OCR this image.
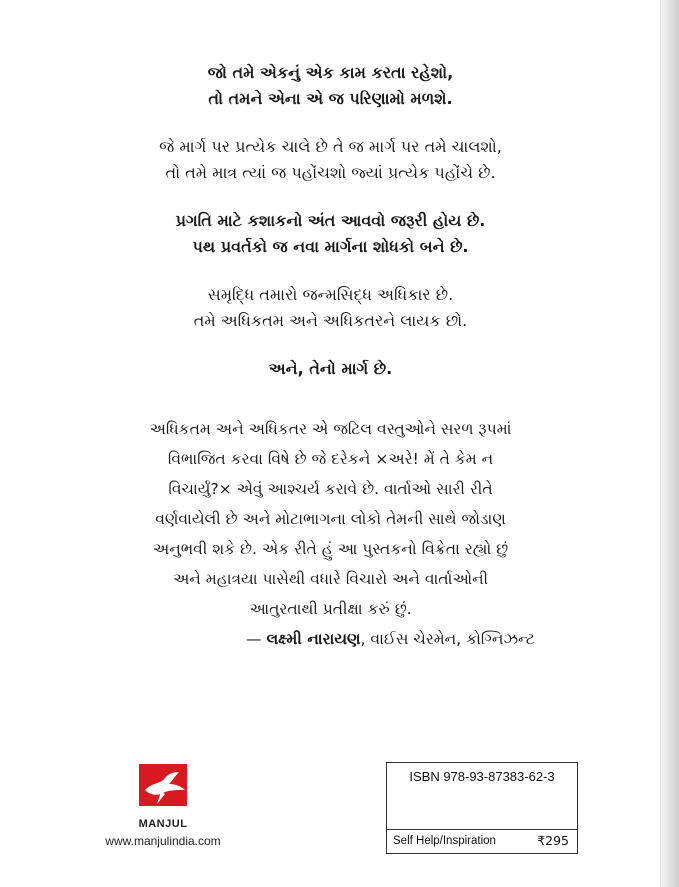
જો તમે એકનું એક કામ કરતા રહેશો,
તો તમને એના એ જ પરિણામો મળશે.
જે માર્ગ પર પ્રત્યેક ચાલે છે તે જ માર્ગ પર તમે ચાલશો,
તો તમે માત્ર ત્યાં જ પહોંચશો જ્યાં પ્રત્યેક પહોંચે છે.
પ્રગતિ માટે કશાકનો અંત આવવો જરૂરી હોય છે.
પથ પ્રવર્તકો જ નવા માર્ગના શોધકો બને છે.
સમૃદ્ધિ તમારો જન્મસિદ્ધ અધિકાર છે.
તમે અધિકતમ અને અધિકતરને લાયક છો.
અને, તેનો માર્ગ છે.
અધિકતમ અને અધિકતર એ જટિલ વસ્તુઓને સરળ રૂપમાં
વિભાજિત કરવા વિષે છે જે દરેકને ×અરે! મેં તે કેમ ન
વિચાર્યું?× એવું આશ્ચર્ય કરાવે છે. વાર્તાઓ સારી રીતે
વર્ણવાયેલી છે અને મોટાભાગના લોકો તેમની સાથે જોડાણ
અનુભવી શકે છે. એક રીતે હું આ પુસ્તકનો વિક્રેતા રહ્યો છું
અને મહાત્રયા પાસેથી વધારે વિચારો અને વાર્તાઓની
આતુરતાથી પ્રતીક્ષા કરું છું.
— લક્ષ્મી નારાયણ, વાઈસ ચેરમેન, કોગ્નિઝન્ટ
MANJUL
www.manjulindia.com
ISBN 978-93-87383-62-3
Self Help/Inspiration	₹295
